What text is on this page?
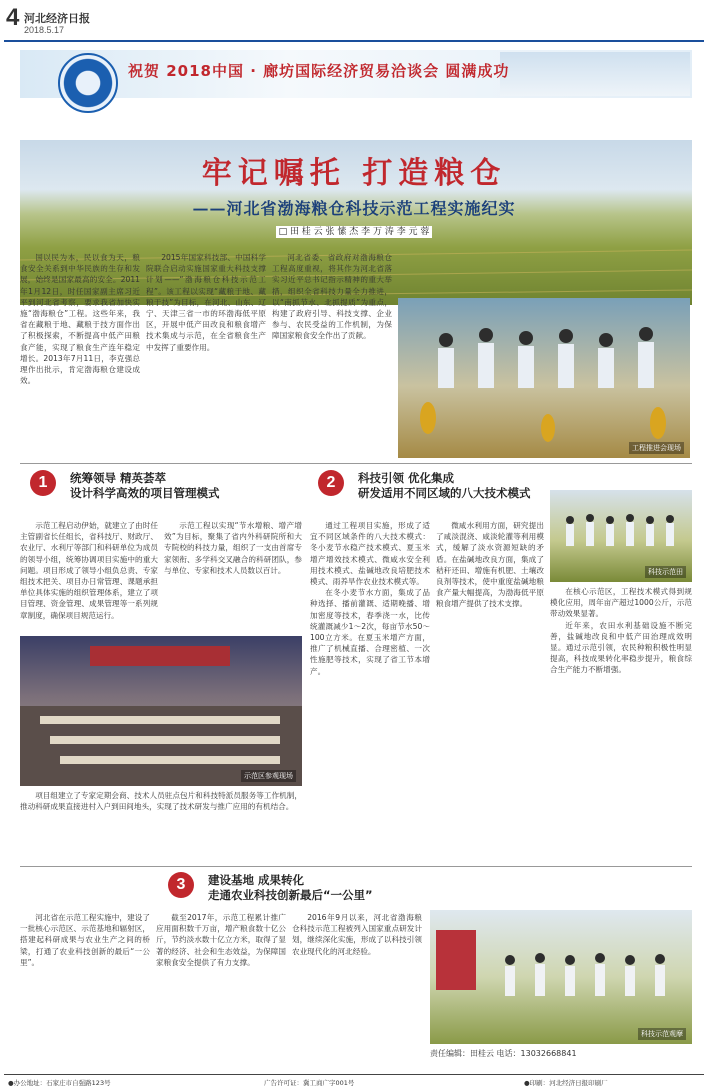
4 河北经济日报
2018.5.17
祝贺 2018中国 · 廊坊国际经济贸易洽谈会 圆满成功
牢记嘱托 打造粮仓
——河北省渤海粮仓科技示范工程实施纪实
□ 田 桂 云 张 愫 杰 李 万 涛 李 元 蓉

国以民为本，民以食为天，粮食安全关系到中华民族的生存和发展，始终是国家最高的安全。2011年1月12日，时任国家副主席习近平到河北省考察，要求我省加快实施“渤海粮仓”工程。这些年来，我省在藏粮于地、藏粮于技方面作出了积极探索，不断提高中低产田粮食产能，实现了粮食生产连年稳定增长。2013年7月11日，李克强总理作出批示，肯定渤海粮仓建设成效。

2015年国家科技部、中国科学院联合启动实施国家重大科技支撑计划——“渤海粮仓科技示范工程”。该工程以实现“藏粮于地、藏粮于技”为目标，在河北、山东、辽宁、天津三省一市的环渤海低平原区，开展中低产田改良和粮食增产技术集成与示范，在全省粮食生产中发挥了重要作用。

河北省委、省政府对渤海粮仓工程高度重视，将其作为河北省落实习近平总书记指示精神的重大举措，组织全省科技力量全力推进，以“南抓节水、北抓提质”为重点，构建了政府引导、科技支撑、企业参与、农民受益的工作机制，为保障国家粮食安全作出了贡献。

工程推进会现场
1	统筹领导 精英荟萃
设计科学高效的项目管理模式

示范工程启动伊始，就建立了由时任主管副省长任组长，省科技厅、财政厅、农业厅、水利厅等部门和科研单位为成员的领导小组，统筹协调项目实施中的重大问题。项目形成了领导小组负总责、专家组技术把关、项目办日常管理、课题承担单位具体实施的组织管理体系，建立了项目管理、资金管理、成果管理等一系列规章制度，确保项目规范运行。

示范工程以实现“节水增粮、增产增效”为目标，聚集了省内外科研院所和大专院校的科技力量，组织了一支由首席专家领衔、多学科交叉融合的科研团队，参与单位、专家和技术人员数以百计。

示范区参观现场

项目组建立了专家定期会商、技术人员驻点包片和科技特派员服务等工作机制，推动科研成果直接进村入户到田间地头，实现了技术研发与推广应用的有机结合。

2	科技引领 优化集成
研发适用不同区域的八大技术模式

通过工程项目实施，形成了适宜不同区域条件的八大技术模式：冬小麦节水稳产技术模式、夏玉米增产增效技术模式、微咸水安全利用技术模式、盐碱地改良培肥技术模式、雨养旱作农业技术模式等。

在冬小麦节水方面，集成了品种选择、播前灌溉、适期晚播、增加密度等技术，春季浇一水，比传统灌溉减少1～2次，每亩节水50～100立方米。在夏玉米增产方面，推广了机械直播、合理密植、一次性施肥等技术，实现了省工节本增产。

微咸水利用方面，研究提出了咸淡混浇、咸淡轮灌等利用模式，缓解了淡水资源短缺的矛盾。在盐碱地改良方面，集成了秸秆还田、增施有机肥、土壤改良剂等技术，使中重度盐碱地粮食产量大幅提高，为渤海低平原粮食增产提供了技术支撑。

科技示范田

在核心示范区，工程技术模式得到规模化应用，周年亩产超过1000公斤，示范带动效果显著。

近年来，农田水利基础设施不断完善，盐碱地改良和中低产田治理成效明显。通过示范引领，农民种粮积极性明显提高，科技成果转化率稳步提升，粮食综合生产能力不断增强。

3	建设基地 成果转化
走通农业科技创新最后“一公里”

河北省在示范工程实施中，建设了一批核心示范区、示范基地和辐射区，搭建起科研成果与农业生产之间的桥梁，打通了农业科技创新的最后“一公里”。

截至2017年，示范工程累计推广应用面积数千万亩，增产粮食数十亿公斤，节约淡水数十亿立方米，取得了显著的经济、社会和生态效益，为保障国家粮食安全提供了有力支撑。

2016年9月以来，河北省渤海粮仓科技示范工程被列入国家重点研发计划，继续深化实施，形成了以科技引领农业现代化的河北经验。

科技示范观摩
责任编辑：田桂云 电话：13032668841
●办公地址：石家庄市自强路123号	广告许可证：冀工商广字001号	●印刷：河北经济日报印刷厂
